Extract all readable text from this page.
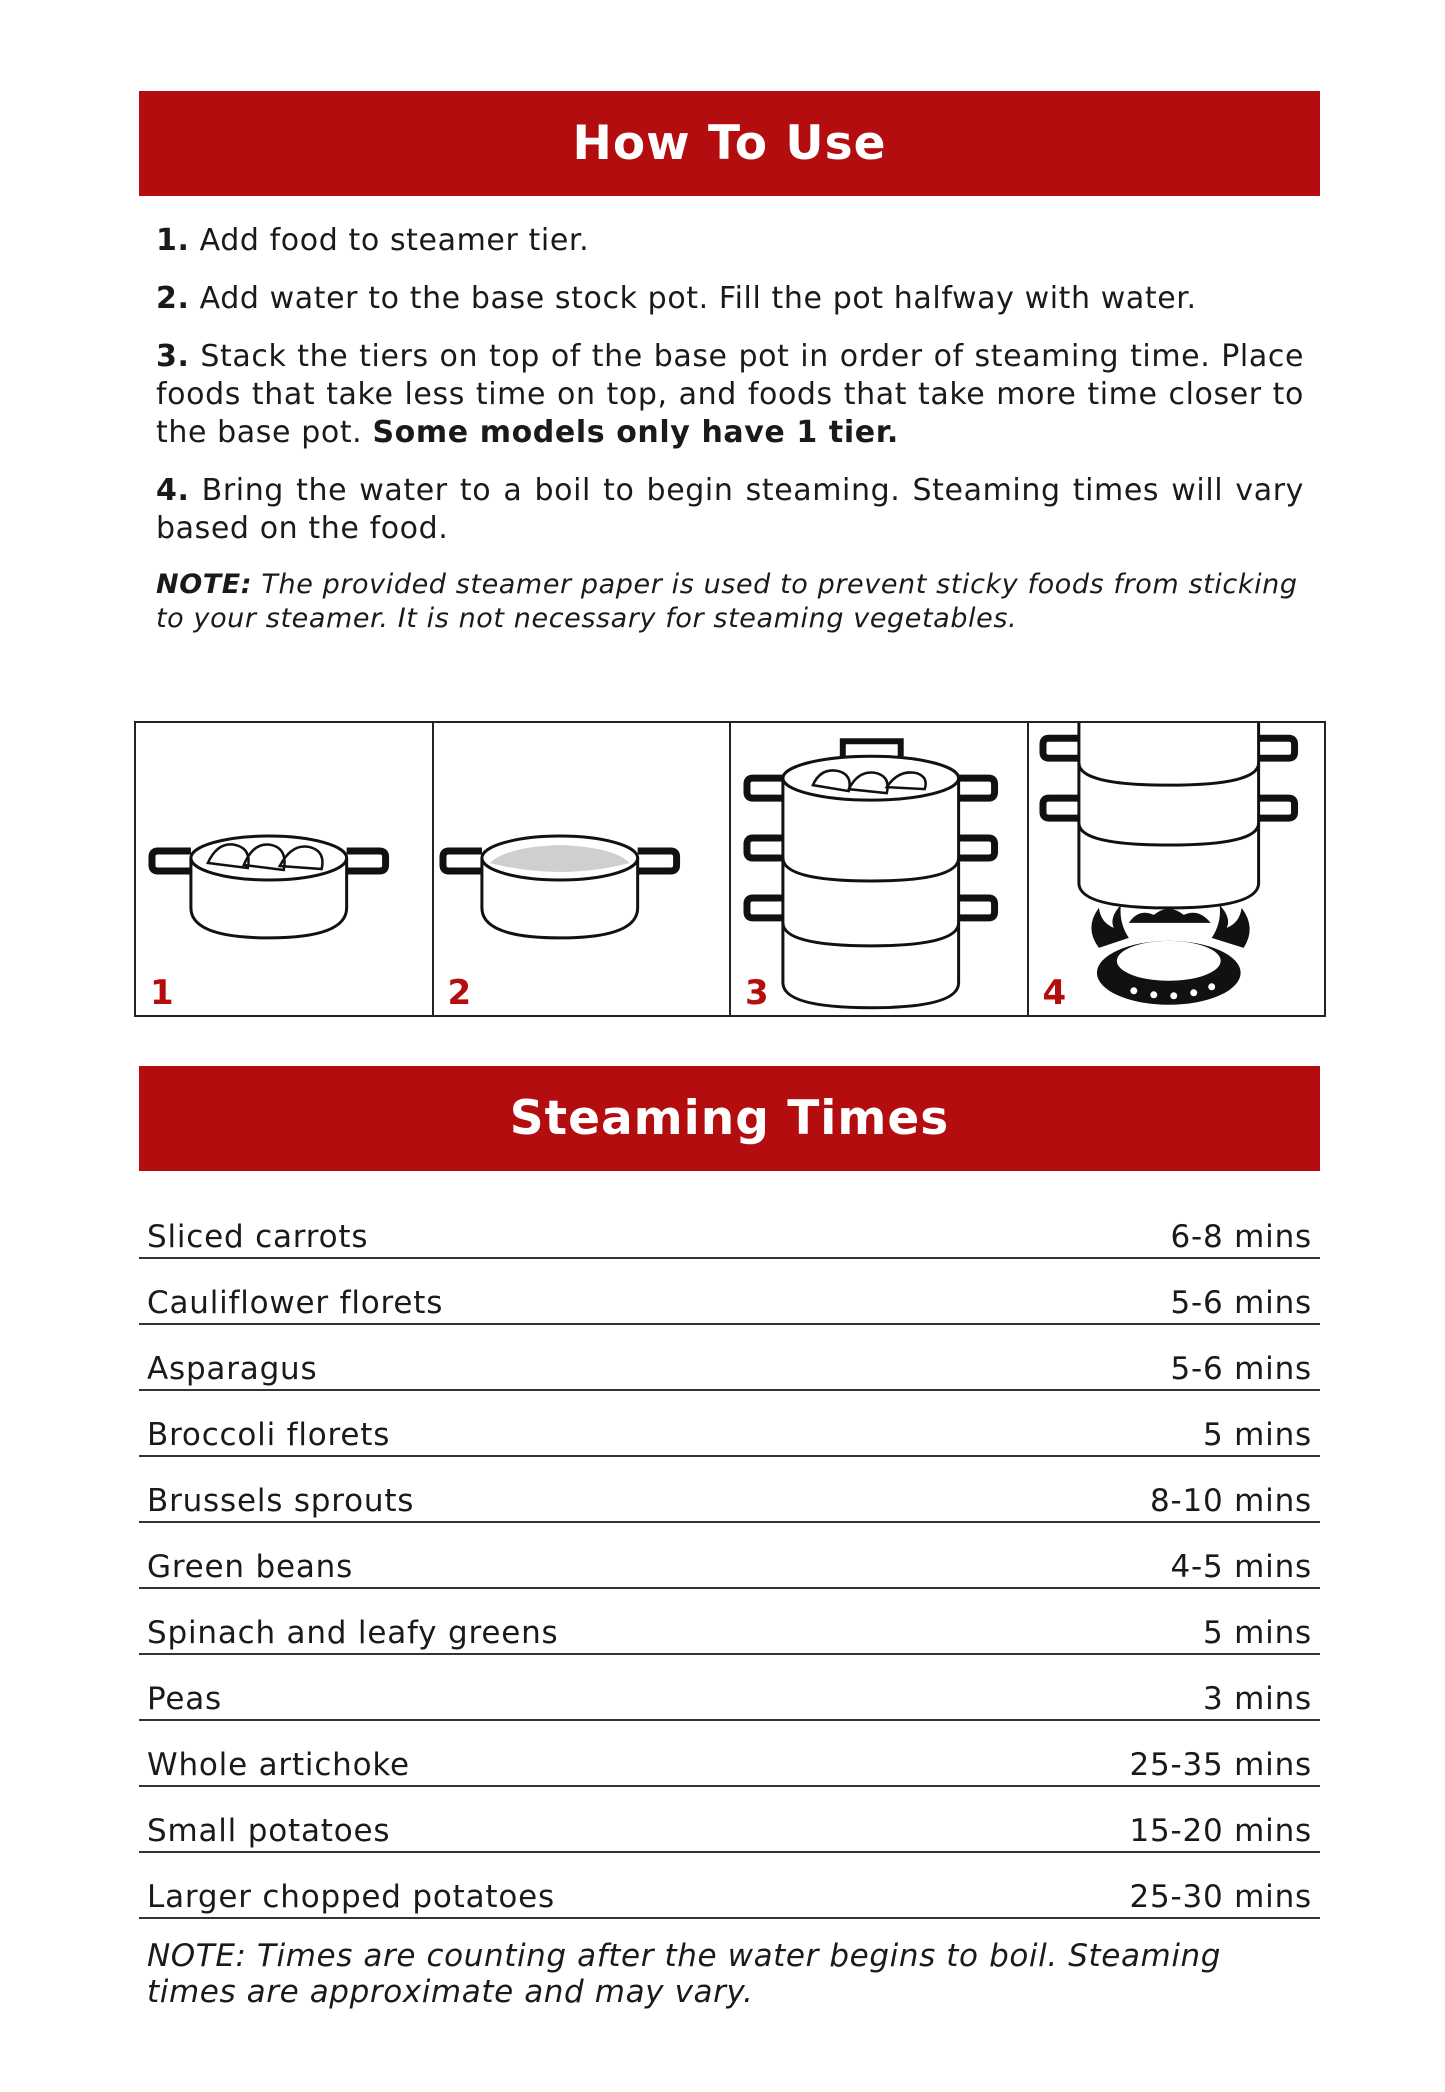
How To Use
1. Add food to steamer tier.
2. Add water to the base stock pot. Fill the pot halfway with water.
3. Stack the tiers on top of the base pot in order of steaming time. Place foods that take less time on top, and foods that take more time closer to the base pot. Some models only have 1 tier.
4. Bring the water to a boil to begin steaming. Steaming times will vary based on the food.
NOTE: The provided steamer paper is used to prevent sticky foods from sticking to your steamer. It is not necessary for steaming vegetables.
1	2	3	4
Steaming Times
Sliced carrots	6-8 mins
Cauliflower florets	5-6 mins
Asparagus	5-6 mins
Broccoli florets	5 mins
Brussels sprouts	8-10 mins
Green beans	4-5 mins
Spinach and leafy greens	5 mins
Peas	3 mins
Whole artichoke	25-35 mins
Small potatoes	15-20 mins
Larger chopped potatoes	25-30 mins
NOTE: Times are counting after the water begins to boil. Steaming times are approximate and may vary.
